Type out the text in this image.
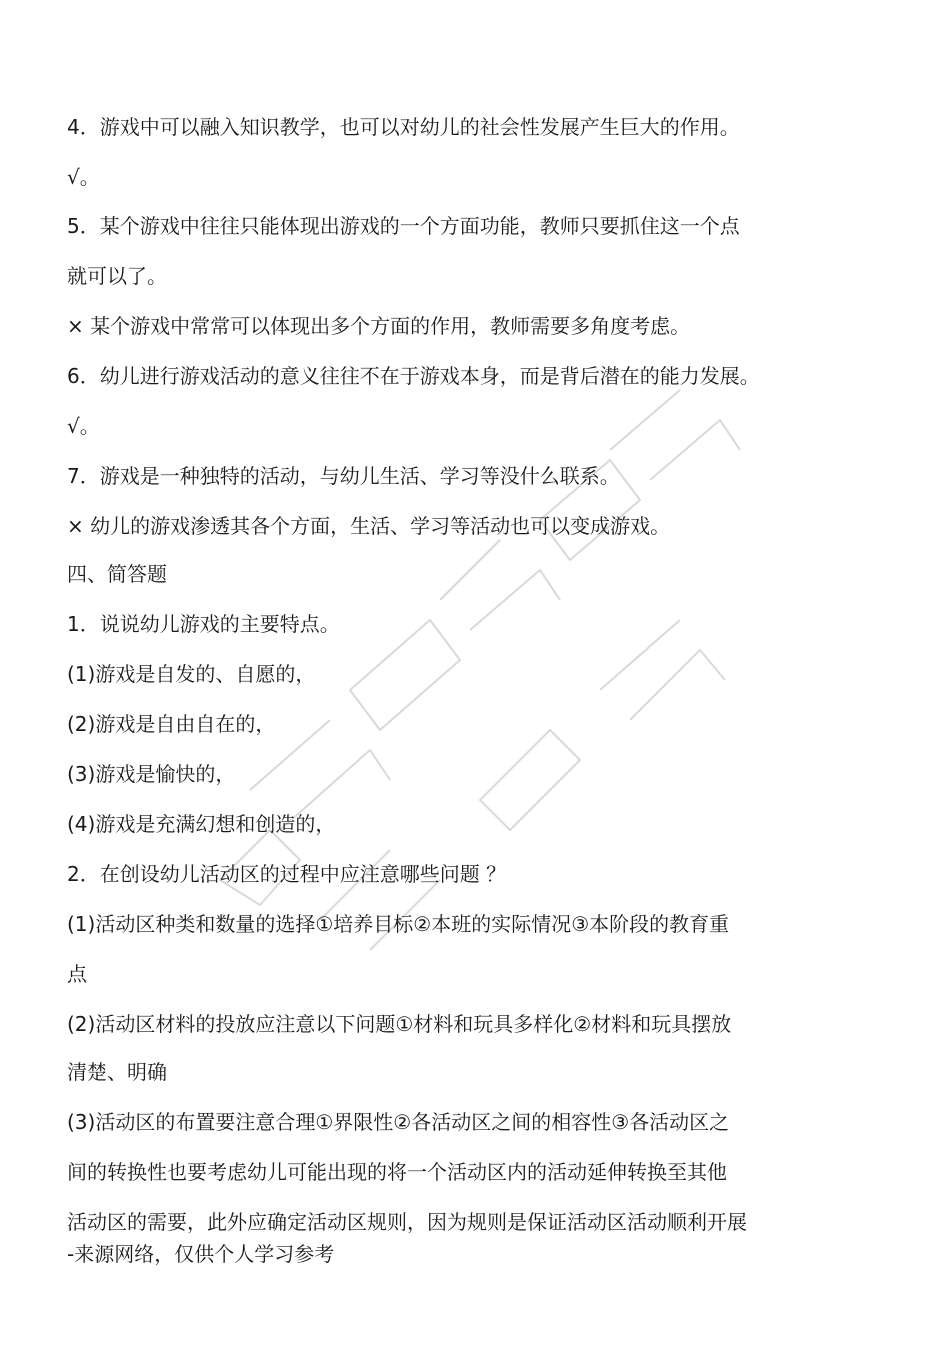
4．游戏中可以融入知识教学，也可以对幼儿的社会性发展产生巨大的作用。

√。

5．某个游戏中往往只能体现出游戏的一个方面功能，教师只要抓住这一个点

就可以了。

× 某个游戏中常常可以体现出多个方面的作用，教师需要多角度考虑。

6．幼儿进行游戏活动的意义往往不在于游戏本身，而是背后潜在的能力发展。

√。

7．游戏是一种独特的活动，与幼儿生活、学习等没什么联系。

× 幼儿的游戏渗透其各个方面，生活、学习等活动也可以变成游戏。

四、简答题

1．说说幼儿游戏的主要特点。

(1)游戏是自发的、自愿的，

(2)游戏是自由自在的，

(3)游戏是愉快的，

(4)游戏是充满幻想和创造的，

2．在创设幼儿活动区的过程中应注意哪些问题 ？

(1)活动区种类和数量的选择①培养目标②本班的实际情况③本阶段的教育重

点

(2)活动区材料的投放应注意以下问题①材料和玩具多样化②材料和玩具摆放

清楚、明确

(3)活动区的布置要注意合理①界限性②各活动区之间的相容性③各活动区之

间的转换性也要考虑幼儿可能出现的将一个活动区内的活动延伸转换至其他

活动区的需要，此外应确定活动区规则，因为规则是保证活动区活动顺利开展

-来源网络，仅供个人学习参考
